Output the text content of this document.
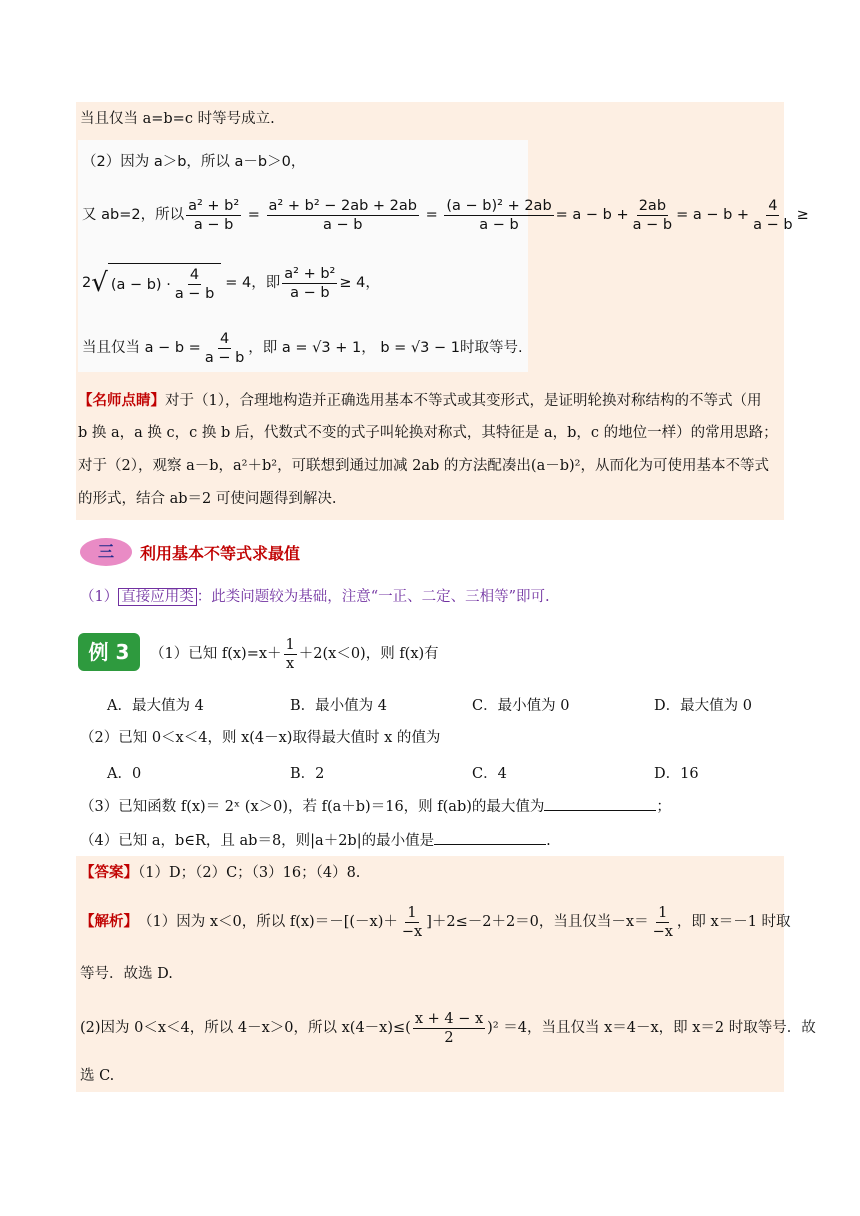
当且仅当 a=b=c 时等号成立.
（2）因为 a＞b，所以 a－b＞0，
又 ab=2，所以 $\frac{\text{a² + b²}}{a - b} = \frac{\text{a² + b² − 2ab + 2ab}}{a - b} = \frac{\text{(a − b)² + 2ab}}{a - b} = a - b + \frac{2ab}{a - b} = a - b + \frac{4}{a - b}$ ≥
2 √ $(a - b) \cdot \frac{4}{a - b} = 4$，即 $\frac{\text{a² + b²}}{a - b} \ge 4$，
当且仅当 $a - b = \frac{4}{a - b}$ ，即 a = √3 + 1， b = √3 − 1时取等号.
【名师点睛】对于（1），合理地构造并正确选用基本不等式或其变形式，是证明轮换对称结构的不等式（用
b 换 a，a 换 c，c 换 b 后，代数式不变的式子叫轮换对称式，其特征是 a，b，c 的地位一样）的常用思路；
对于（2），观察 a－b，a²＋b²，可联想到通过加减 2ab 的方法配凑出(a－b)²，从而化为可使用基本不等式
的形式，结合 ab＝2 可使问题得到解决.
三	利用基本不等式求最值
（1） 直接应用类 ：此类问题较为基础，注意“一正、二定、三相等”即可.
例 3	（1）已知 $f(x)=x+ \frac{1}{x} +2(x<0)$，则 f(x)有
A．最大值为 4	B．最小值为 4	C．最小值为 0	D．最大值为 0
（2）已知 0＜x＜4，则 x(4－x)取得最大值时 x 的值为
A．0	B．2	C．4	D．16
（3）已知函数 f(x)＝ 2ˣ (x＞0)，若 f(a＋b)＝16，则 f(ab)的最大值为	；
（4）已知 a，b∈R，且 ab＝8，则|a＋2b|的最小值是	.
【答案】（1）D；（2）C；（3）16；（4）8.
【解析】 （1）因为 x＜0，所以 $f(x)=-[(-x)+ \frac{1}{-x} ]+2\le-2+2=0$，当且仅当$-x= \frac{1}{-x}$ ，即 x＝－1 时取
等号．故选 D.
(2)因为 0＜x＜4，所以 4－x＞0，所以 $x(4-x)\le( \frac{x + 4 - x}{2} )^2 =4$，当且仅当 x＝4－x，即 x＝2 时取等号．故
选 C.
